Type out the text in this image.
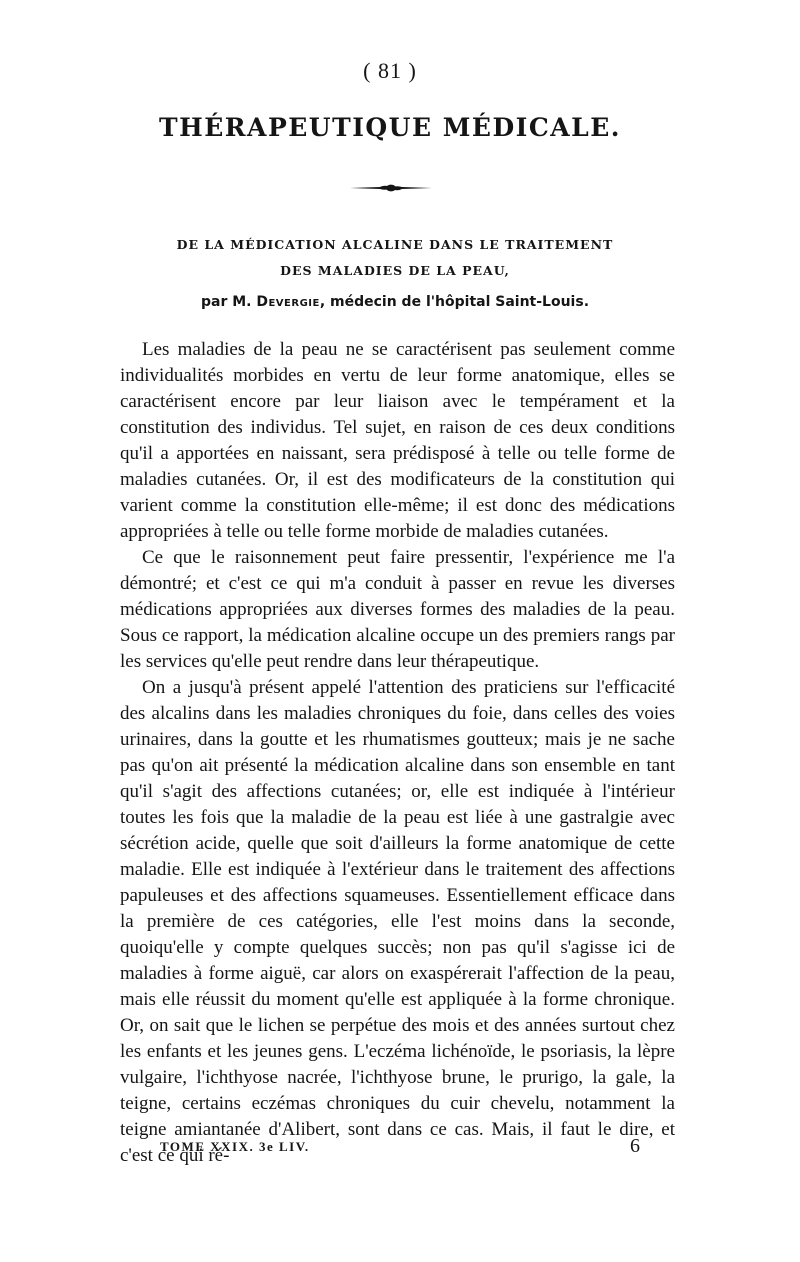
( 81 )
THÉRAPEUTIQUE MÉDICALE.
DE LA MÉDICATION ALCALINE DANS LE TRAITEMENT
DES MALADIES DE LA PEAU,
par M. Devergie, médecin de l'hôpital Saint-Louis.

Les maladies de la peau ne se caractérisent pas seulement comme individualités morbides en vertu de leur forme anatomique, elles se caractérisent encore par leur liaison avec le tempérament et la constitution des individus. Tel sujet, en raison de ces deux conditions qu'il a apportées en naissant, sera prédisposé à telle ou telle forme de maladies cutanées. Or, il est des modificateurs de la constitution qui varient comme la constitution elle-même; il est donc des médications appropriées à telle ou telle forme morbide de maladies cutanées.

Ce que le raisonnement peut faire pressentir, l'expérience me l'a démontré; et c'est ce qui m'a conduit à passer en revue les diverses médications appropriées aux diverses formes des maladies de la peau. Sous ce rapport, la médication alcaline occupe un des premiers rangs par les services qu'elle peut rendre dans leur thérapeutique.

On a jusqu'à présent appelé l'attention des praticiens sur l'efficacité des alcalins dans les maladies chroniques du foie, dans celles des voies urinaires, dans la goutte et les rhumatismes goutteux; mais je ne sache pas qu'on ait présenté la médication alcaline dans son ensemble en tant qu'il s'agit des affections cutanées; or, elle est indiquée à l'intérieur toutes les fois que la maladie de la peau est liée à une gastralgie avec sécrétion acide, quelle que soit d'ailleurs la forme anatomique de cette maladie. Elle est indiquée à l'extérieur dans le traitement des affections papuleuses et des affections squameuses. Essentiellement efficace dans la première de ces catégories, elle l'est moins dans la seconde, quoiqu'elle y compte quelques succès; non pas qu'il s'agisse ici de maladies à forme aiguë, car alors on exaspérerait l'affection de la peau, mais elle réussit du moment qu'elle est appliquée à la forme chronique. Or, on sait que le lichen se perpétue des mois et des années surtout chez les enfants et les jeunes gens. L'eczéma lichénoïde, le psoriasis, la lèpre vulgaire, l'ichthyose nacrée, l'ichthyose brune, le prurigo, la gale, la teigne, certains eczémas chroniques du cuir chevelu, notamment la teigne amiantanée d'Alibert, sont dans ce cas. Mais, il faut le dire, et c'est ce qui ré-

TOME XXIX. 3e LIV.	6
